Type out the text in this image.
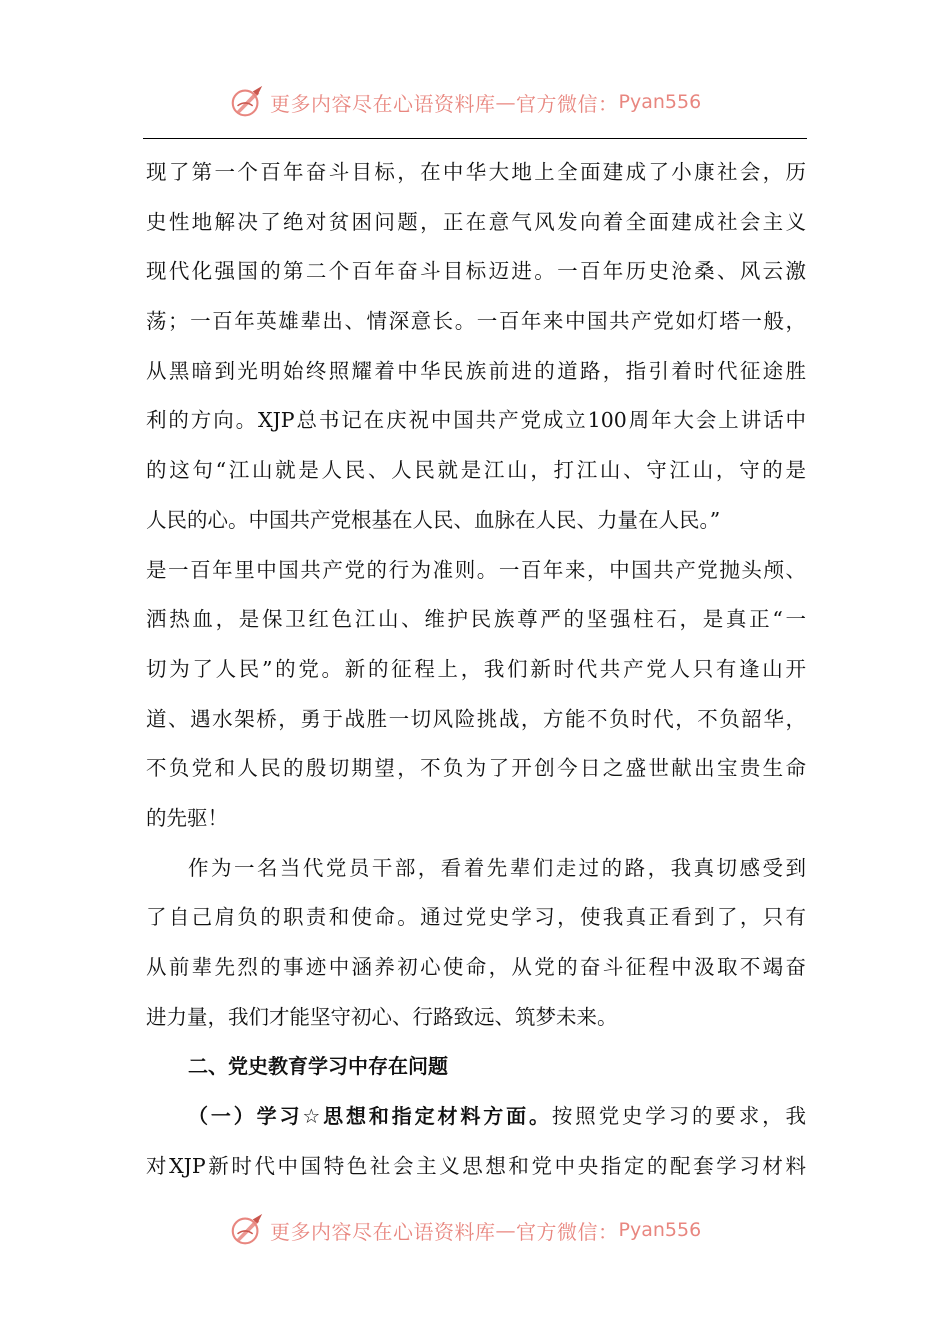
更多内容尽在心语资料库 — 官方微信： Pyan556
现了第一个百年奋斗目标，在中华大地上全面建成了小康社会，历
史性地解决了绝对贫困问题，正在意气风发向着全面建成社会主义
现代化强国的第二个百年奋斗目标迈进。一百年历史沧桑、风云激
荡；一百年英雄辈出、情深意长。一百年来中国共产党如灯塔一般，
从黑暗到光明始终照耀着中华民族前进的道路，指引着时代征途胜
利的方向。XJP总书记在庆祝中国共产党成立100周年大会上讲话中
的这句“江山就是人民、人民就是江山，打江山、守江山，守的是
人民的心。中国共产党根基在人民、血脉在人民、力量在人民。”
是一百年里中国共产党的行为准则。一百年来，中国共产党抛头颅、
洒热血，是保卫红色江山、维护民族尊严的坚强柱石，是真正“一
切为了人民”的党。新的征程上，我们新时代共产党人只有逢山开
道、遇水架桥，勇于战胜一切风险挑战，方能不负时代，不负韶华，
不负党和人民的殷切期望，不负为了开创今日之盛世献出宝贵生命
的先驱！
作为一名当代党员干部，看着先辈们走过的路，我真切感受到
了自己肩负的职责和使命。通过党史学习，使我真正看到了，只有
从前辈先烈的事迹中涵养初心使命，从党的奋斗征程中汲取不竭奋
进力量，我们才能坚守初心、行路致远、筑梦未来。
二、党史教育学习中存在问题
（一）学习☆思想和指定材料方面。按照党史学习的要求，我
对XJP新时代中国特色社会主义思想和党中央指定的配套学习材料
更多内容尽在心语资料库 — 官方微信： Pyan556
